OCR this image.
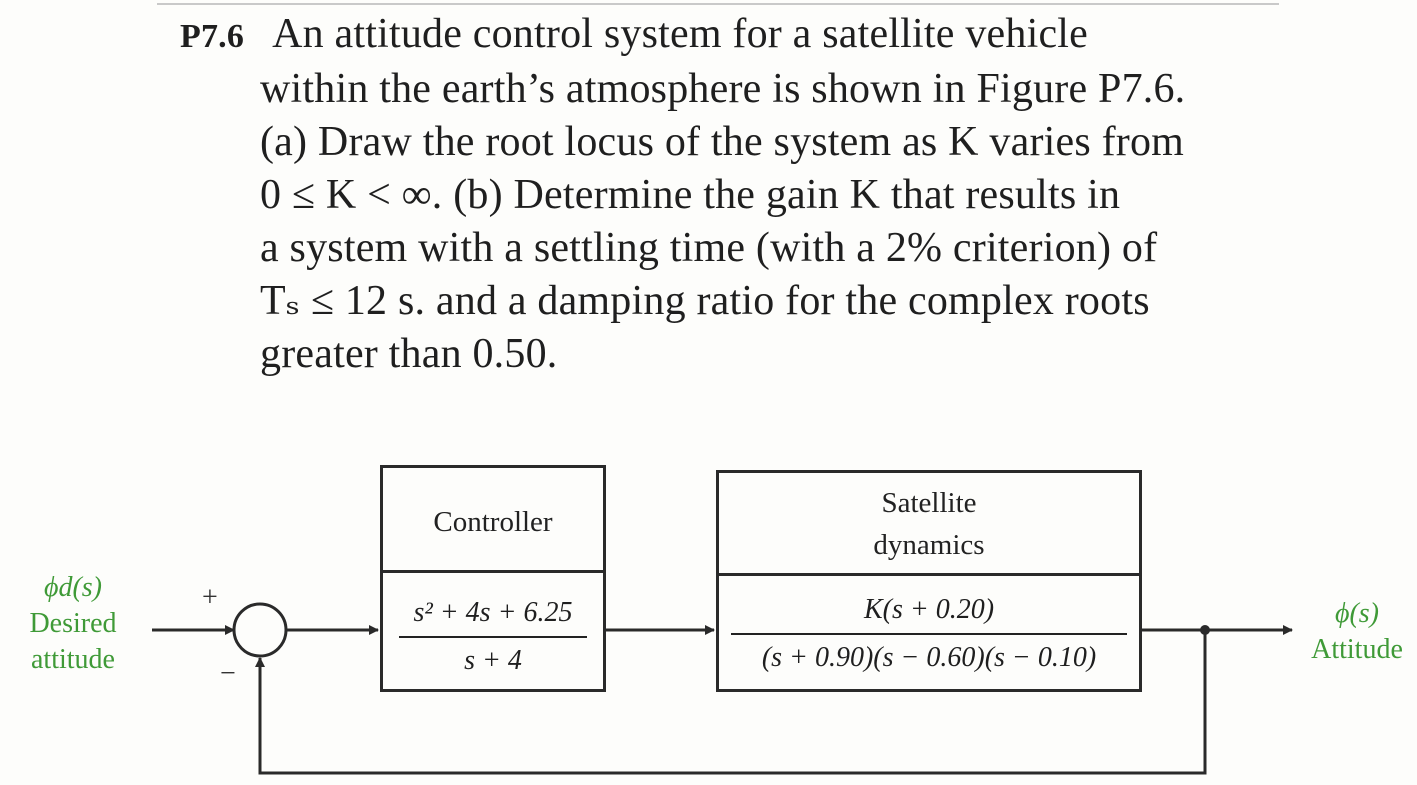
P7.6 An attitude control system for a satellite vehicle
within the earth’s atmosphere is shown in Figure P7.6.
(a) Draw the root locus of the system as K varies from
0 ≤ K < ∞. (b) Determine the gain K that results in
a system with a settling time (with a 2% criterion) of
Tₛ ≤ 12 s. and a damping ratio for the complex roots
greater than 0.50.
+
−
ϕd(s)
Desired
attitude
ϕ(s)
Attitude
Controller
s² + 4s + 6.25
s + 4
Satellite
dynamics
K(s + 0.20)
(s + 0.90)(s − 0.60)(s − 0.10)
